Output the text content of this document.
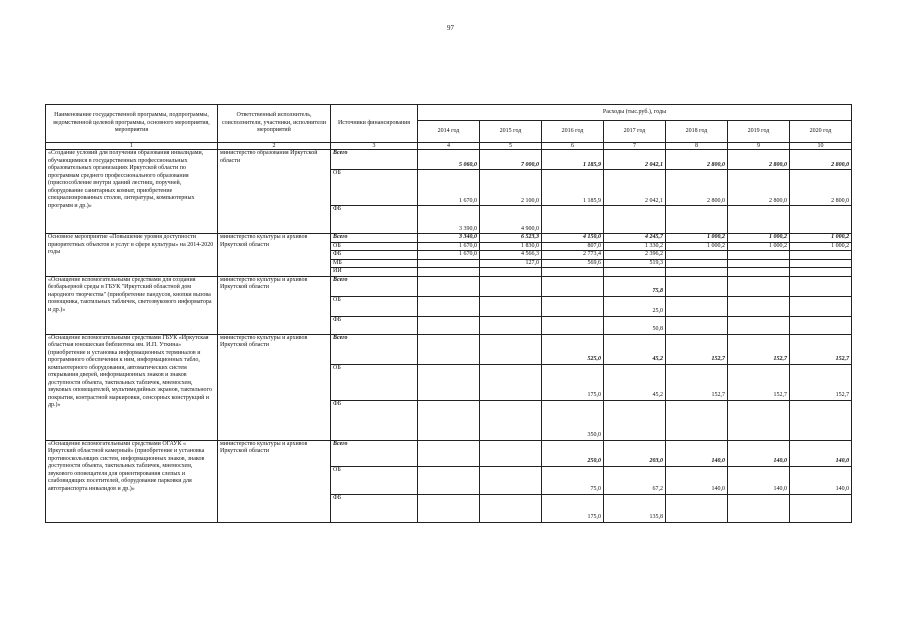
97
Наименование государственной программы, подпрограммы, ведомственной целевой программы, основного мероприятия, мероприятия	Ответственный исполнитель, соисполнители, участники, исполнители мероприятий	Источники финансирования	Расходы (тыс.руб.), годы						
			2014 год	2015 год	2016 год	2017 год	2018 год	2019 год	2020 год
1	2	3	4	5	6	7	8	9	10
«Создание условий для получения образования инвалидами, обучающимися в государственных профессиональных образовательных организациях Иркутской области по программам среднего профессионального образования (приспособление внутри зданий лестниц, поручней, оборудование санитарных комнат, приобретение специализированных столов, литературы, компьютерных программ и др.)»	министерство образования Иркутской области	Всего	5 060,0	7 000,0	1 185,9	2 042,1	2 800,0	2 800,0	2 800,0
		ОБ	1 670,0	2 100,0	1 185,9	2 042,1	2 800,0	2 800,0	2 800,0
		ФБ	3 390,0	4 900,0					
Основное мероприятие «Повышение уровня доступности приоритетных объектов и услуг в сфере культуры» на 2014-2020 годы	министерство культуры и архивов Иркутской области	Всего	3 340,0	6 523,3	4 150,0	4 245,7	1 000,2	1 000,2	1 000,2
		ОБ	1 670,0	1 830,0	807,0	1 330,2	1 000,2	1 000,2	1 000,2
		ФБ	1 670,0	4 566,3	2 773,4	2 396,2			
		МБ		127,0	569,6	519,3			
		ИИ							
«Оснащение вспомогательными средствами для создания безбарьерной среды в ГБУК "Иркутский областной дом народного творчества" (приобретение пандусов, кнопки вызова помощника, тактильных табличек, светозвукового информатора и др.)»	министерство культуры и архивов Иркутской области	Всего				75,8			
		ОБ				25,0			
		ФБ				50,8			
«Оснащение вспомогательными средствами ГБУК «Иркутская областная юношеская библиотека им. И.П. Уткина» (приобретение и установка информационных терминалов и программного обеспечения к ним, информационных табло, компьютерного оборудования, автоматических систем открывания дверей, информационных знаков и знаков доступности объекта, тактильных табличек, мнемосхем, звуковых оповещателей, мультимедийных экранов, тактильного покрытия, контрастной маркировки, сенсорных конструкций и др.)»	министерство культуры и архивов Иркутской области	Всего			525,0	45,2	152,7	152,7	152,7
		ОБ			175,0	45,2	152,7	152,7	152,7
		ФБ			350,0				
«Оснащение вспомогательными средствами ОГАУК « Иркутский областной камерный» (приобретение и установка противоскользящих систем, информационных знаков, знаков доступности объекта, тактильных табличек, мнемосхем, звукового оповещателя для ориентирования слепых и слабовидящих посетителей, оборудование парковки для автотранспорта инвалидов и др.)»	министерство культуры и архивов Иркутской области	Всего			250,0	203,0	140,0	140,0	140,0
		ОБ			75,0	67,2	140,0	140,0	140,0
		ФБ			175,0	135,8			
